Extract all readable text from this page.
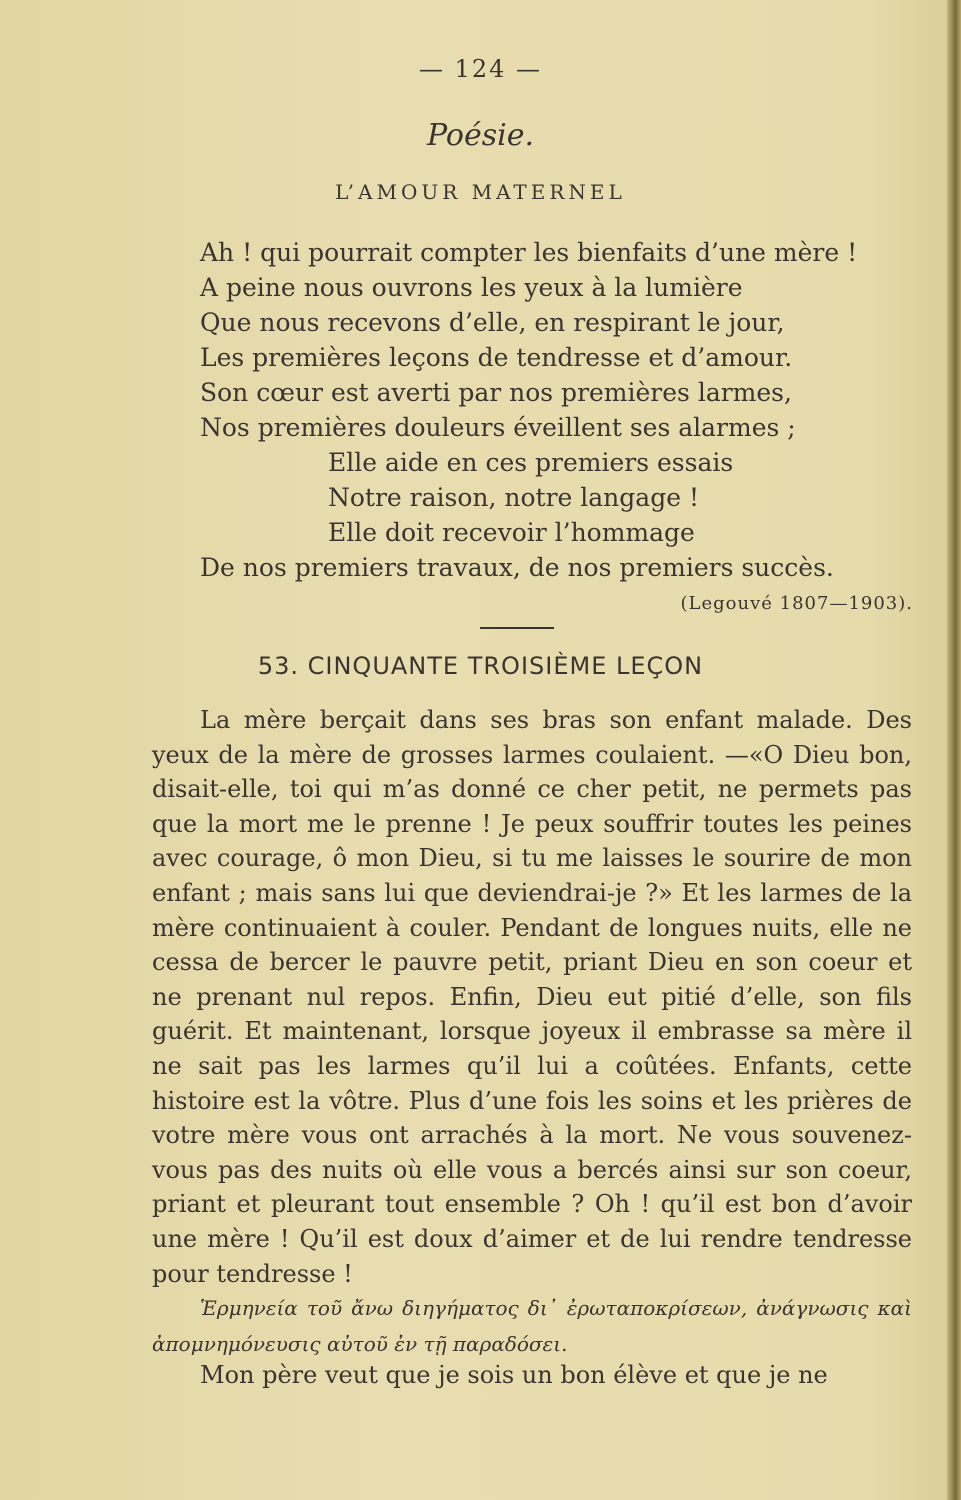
— 124 —
Poésie.
L’AMOUR MATERNEL
Ah ! qui pourrait compter les bienfaits d’une mère !
A peine nous ouvrons les yeux à la lumière
Que nous recevons d’elle, en respirant le jour,
Les premières leçons de tendresse et d’amour.
Son cœur est averti par nos premières larmes,
Nos premières douleurs éveillent ses alarmes ;
Elle aide en ces premiers essais
Notre raison, notre langage !
Elle doit recevoir l’hommage
De nos premiers travaux, de nos premiers succès.
(Legouvé 1807—1903).
53. CINQUANTE TROISIÈME LEÇON

La mère berçait dans ses bras son enfant malade. Des yeux de la mère de grosses larmes coulaient. —«O Dieu bon, disait-elle, toi qui m’as donné ce cher petit, ne permets pas que la mort me le prenne ! Je peux souffrir toutes les peines avec courage, ô mon Dieu, si tu me laisses le sourire de mon enfant ; mais sans lui que deviendrai-je ?» Et les larmes de la mère continuaient à couler. Pendant de longues nuits, elle ne cessa de bercer le pauvre petit, priant Dieu en son coeur et ne prenant nul repos. Enfin, Dieu eut pitié d’elle, son fils guérit. Et maintenant, lorsque joyeux il embrasse sa mère il ne sait pas les larmes qu’il lui a coûtées. Enfants, cette histoire est la vôtre. Plus d’une fois les soins et les prières de votre mère vous ont arrachés à la mort. Ne vous souvenez-vous pas des nuits où elle vous a bercés ainsi sur son coeur, priant et pleurant tout ensemble ? Oh ! qu’il est bon d’avoir une mère ! Qu’il est doux d’aimer et de lui rendre tendresse pour tendresse !

Ἑρμηνεία τοῦ ἄνω διηγήματος δι᾽ ἐρωταποκρίσεων, ἀνάγνωσις καὶ ἀπομνημόνευσις αὐτοῦ ἐν τῇ παραδόσει.

Mon père veut que je sois un bon élève et que je ne
